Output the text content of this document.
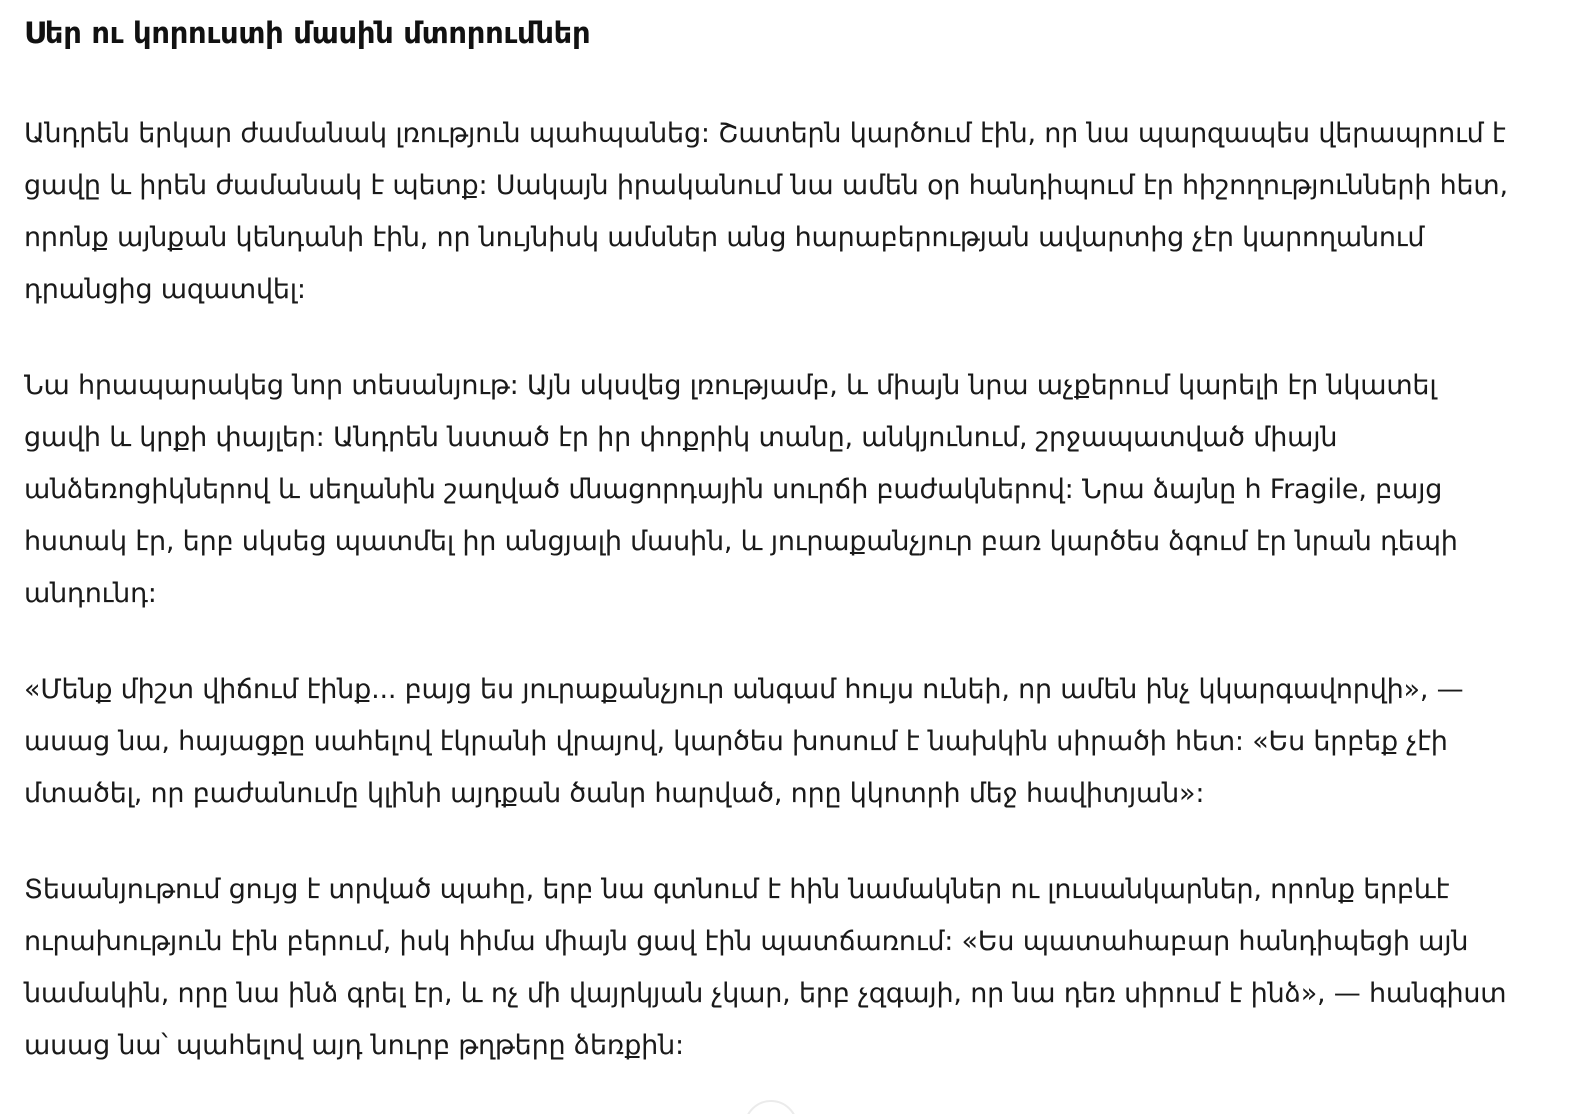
Սեր ու կորուստի մասին մտորումներ

Անդրեն երկար ժամանակ լռություն պահպանեց: Շատերն կարծում էին, որ նա պարզապես վերապրում է ցավը և իրեն ժամանակ է պետք: Սակայն իրականում նա ամեն օր հանդիպում էր հիշողությունների հետ, որոնք այնքան կենդանի էին, որ նույնիսկ ամսներ անց հարաբերության ավարտից չէր կարողանում դրանցից ազատվել:

Նա հրապարակեց նոր տեսանյութ: Այն սկսվեց լռությամբ, և միայն նրա աչքերում կարելի էր նկատել ցավի և կրքի փայլեր: Անդրեն նստած էր իր փոքրիկ տանը, անկյունում, շրջապատված միայն անձեռոցիկներով և սեղանին շաղված մնացորդային սուրճի բաժակներով: Նրա ձայնը հ Fragile, բայց հստակ էր, երբ սկսեց պատմել իր անցյալի մասին, և յուրաքանչյուր բառ կարծես ձգում էր նրան դեպի անդունդ:

«Մենք միշտ վիճում էինք... բայց ես յուրաքանչյուր անգամ հույս ունեի, որ ամեն ինչ կկարգավորվի», — ասաց նա, հայացքը սահելով էկրանի վրայով, կարծես խոսում է նախկին սիրածի հետ: «Ես երբեք չէի մտածել, որ բաժանումը կլինի այդքան ծանր հարված, որը կկոտրի մեջ հավիտյան»:

Տեսանյութում ցույց է տրված պահը, երբ նա գտնում է հին նամակներ ու լուսանկարներ, որոնք երբևէ ուրախություն էին բերում, իսկ հիմա միայն ցավ էին պատճառում: «Ես պատահաբար հանդիպեցի այն նամակին, որը նա ինձ գրել էր, և ոչ մի վայրկյան չկար, երբ չզգայի, որ նա դեռ սիրում է ինձ», — հանգիստ ասաց նա՝ պահելով այդ նուրբ թղթերը ձեռքին:
